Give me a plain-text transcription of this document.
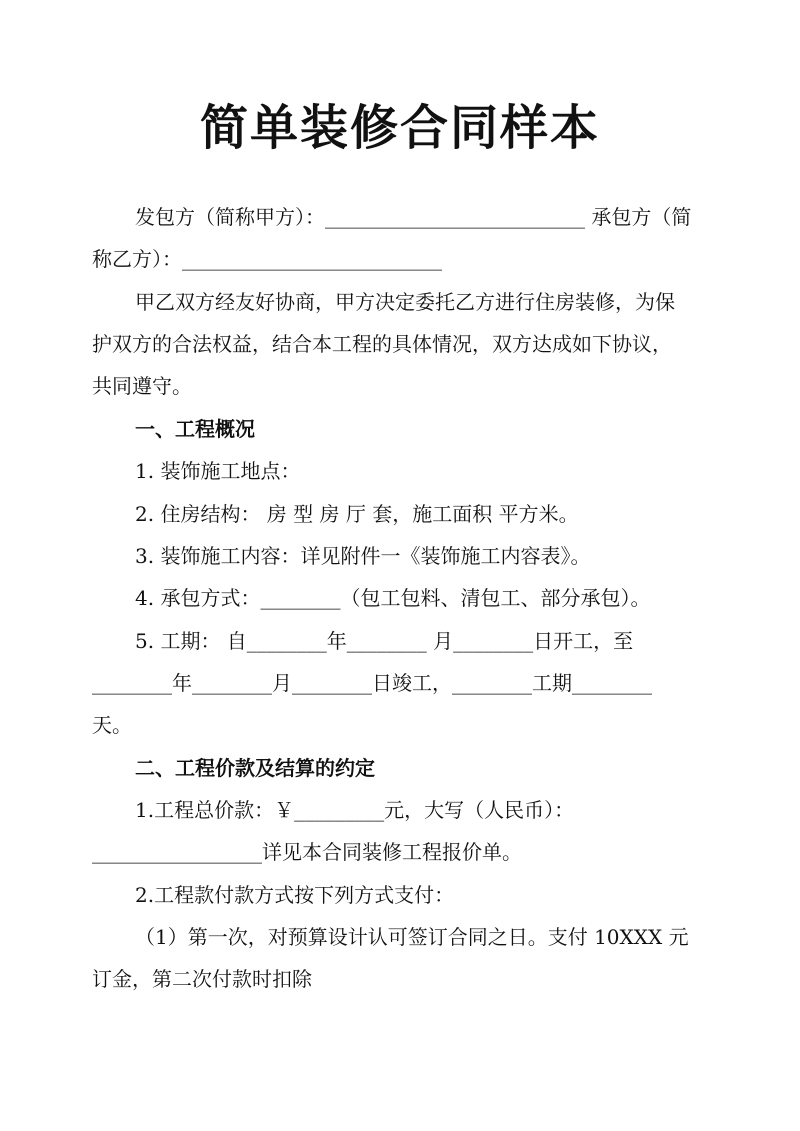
简单装修合同样本
发包方（简称甲方）：__________________________ 承包方（简
称乙方）：__________________________
甲乙双方经友好协商，甲方决定委托乙方进行住房装修，为保
护双方的合法权益，结合本工程的具体情况，双方达成如下协议，
共同遵守。
一、工程概况
1. 装饰施工地点：
2. 住房结构： 房 型 房 厅 套，施工面积 平方米。
3. 装饰施工内容：详见附件一《装饰施工内容表》。
4. 承包方式：________（包工包料、清包工、部分承包）。
5. 工期： 自________年________ 月________日开工，至
________年________月________日竣工，________工期________
天。
二、工程价款及结算的约定
1.工程总价款：￥_________元，大写（人民币）：
_________________详见本合同装修工程报价单。
2.工程款付款方式按下列方式支付：
（1）第一次，对预算设计认可签订合同之日。支付 10XXX 元
订金，第二次付款时扣除
